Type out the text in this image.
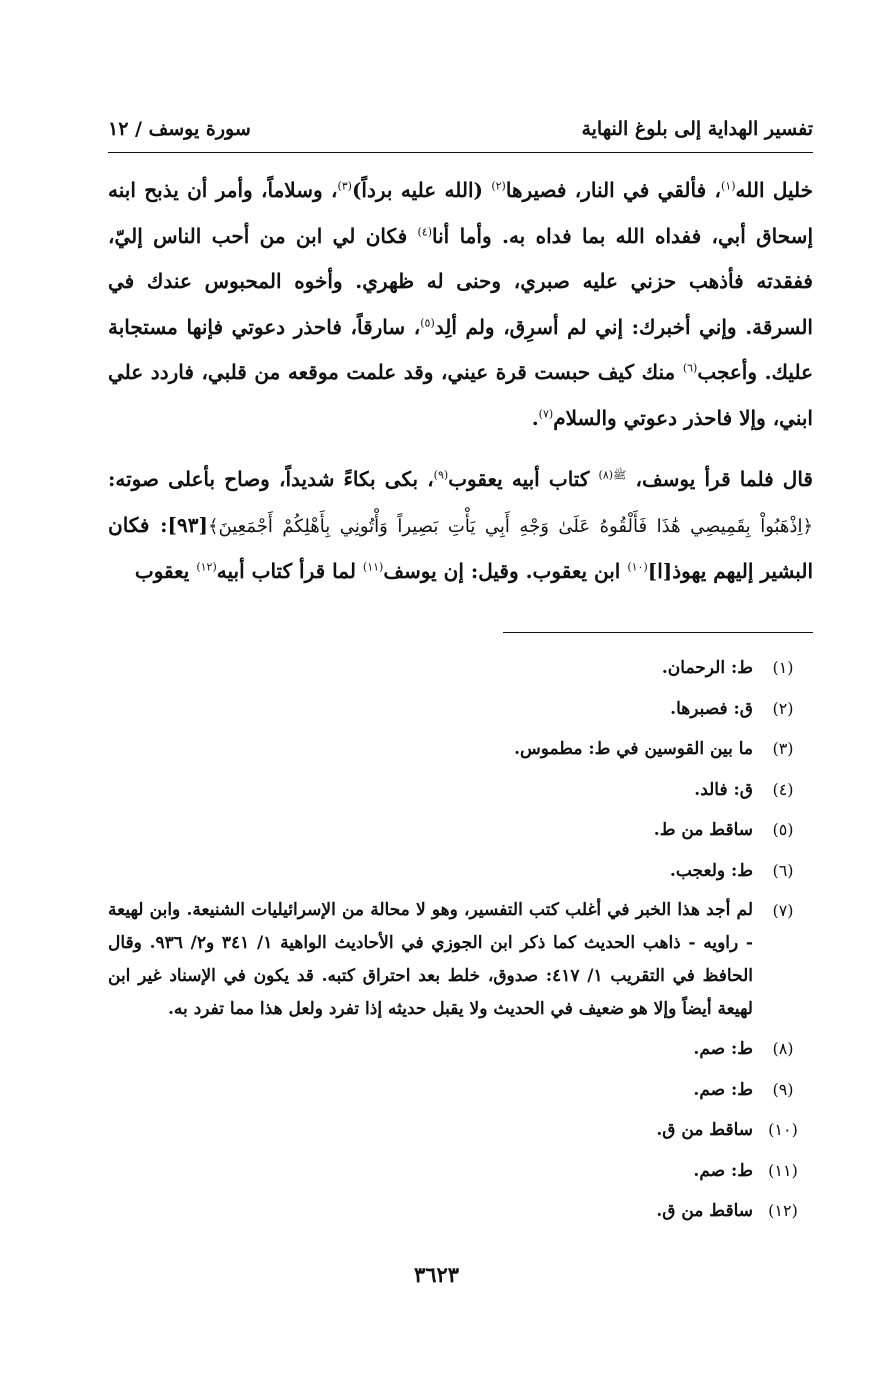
تفسير الهداية إلى بلوغ النهاية
سورة يوسف / ١٢

خليل الله$^{(١)}$، فألقي في النار، فصيرها$^{(٢)}$ (الله عليه برداً)$^{(٣)}$، وسلاماً، وأمر أن يذبح ابنه إسحاق أبي، ففداه الله بما فداه به. وأما أنا$^{(٤)}$ فكان لي ابن من أحب الناس إليّ، ففقدته فأذهب حزني عليه صبري، وحنى له ظهري. وأخوه المحبوس عندك في السرقة. وإني أخبرك: إني لم أسرِق، ولم ألِد$^{(٥)}$، سارقاً، فاحذر دعوتي فإنها مستجابة عليك. وأعجب$^{(٦)}$ منك كيف حبست قرة عيني، وقد علمت موقعه من قلبي، فاردد علي ابني، وإلا فاحذر دعوتي والسلام$^{(٧)}$.

قال فلما قرأ يوسف، $^{ﷺ(٨)}$ كتاب أبيه يعقوب$^{(٩)}$، بكى بكاءً شديداً، وصاح بأعلى صوته: ﴿اِذْهَبُواْ بِقَمِيصِي هَٰذَا فَأَلْقُوهُ عَلَىٰ وَجْهِ أَبِي يَأْتِ بَصِيراً وَأْتُونِي بِأَهْلِكُمْ أَجْمَعِينَ﴾[٩٣]: فكان البشير إليهم يهوذ[ا]$^{(١٠)}$ ابن يعقوب. وقيل: إن يوسف$^{(١١)}$ لما قرأ كتاب أبيه$^{(١٢)}$ يعقوب

(١)
ط: الرحمان.
(٢)
ق: فصبرها.
(٣)
ما بين القوسين في ط: مطموس.
(٤)
ق: فالد.
(٥)
ساقط من ط.
(٦)
ط: ولعجب.
(٧)
لم أجد هذا الخبر في أغلب كتب التفسير، وهو لا محالة من الإسرائيليات الشنيعة. وابن لهيعة - راويه - ذاهب الحديث كما ذكر ابن الجوزي في الأحاديث الواهية ١/ ٣٤١ و٢/ ٩٣٦. وقال الحافظ في التقريب ١/ ٤١٧: صدوق، خلط بعد احتراق كتبه. قد يكون في الإسناد غير ابن لهيعة أيضاً وإلا هو ضعيف في الحديث ولا يقبل حديثه إذا تفرد ولعل هذا مما تفرد به.
(٨)
ط: صم.
(٩)
ط: صم.
(١٠)
ساقط من ق.
(١١)
ط: صم.
(١٢)
ساقط من ق.
٣٦٢٣
